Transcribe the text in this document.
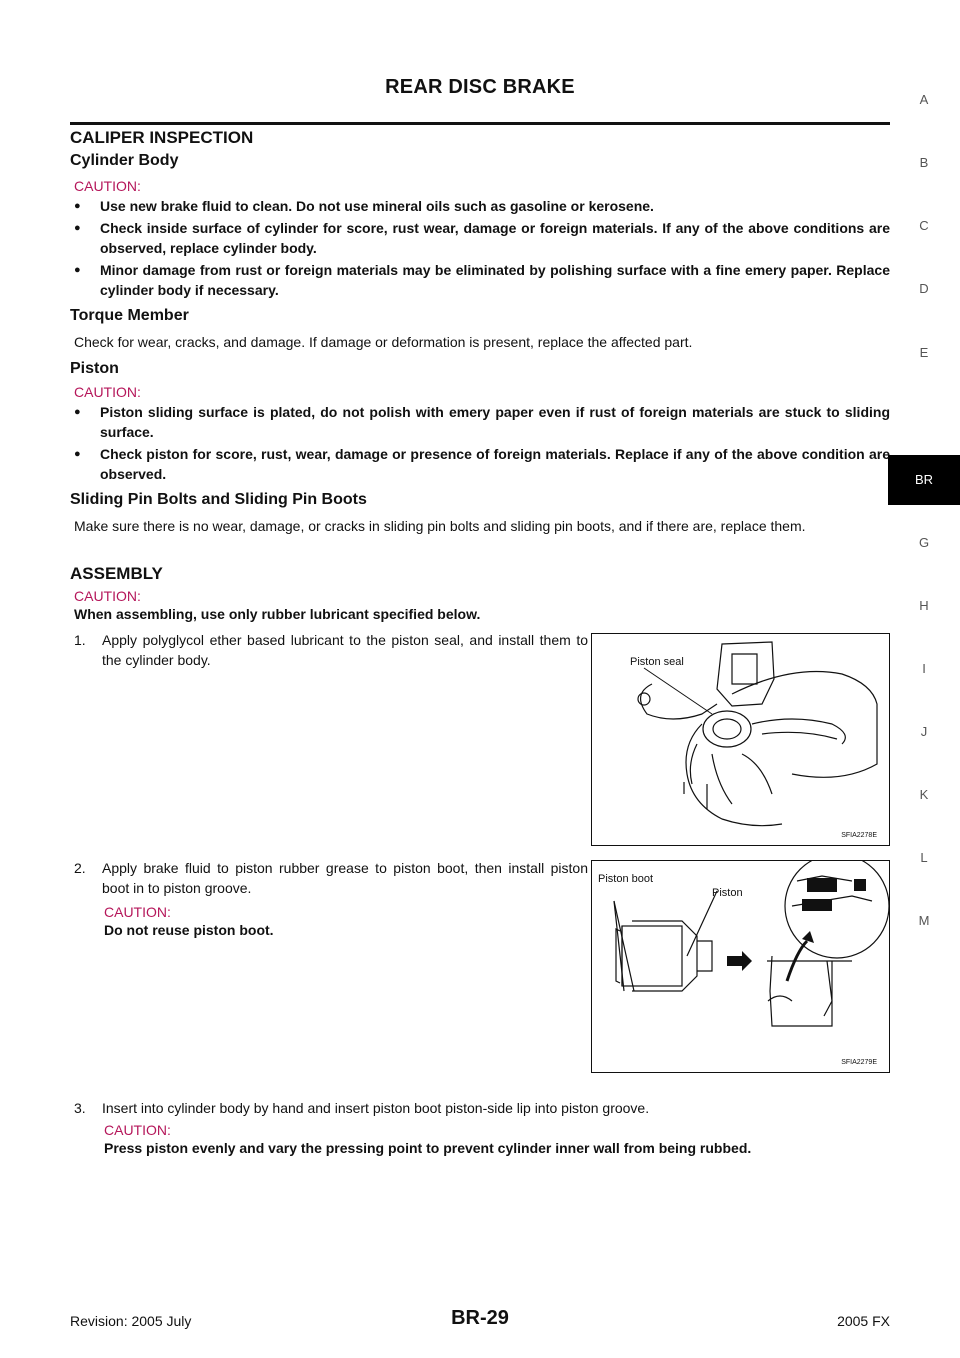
REAR DISC BRAKE
A
B
C
D
E
BR
G
H
I
J
K
L
M
CALIPER INSPECTION
Cylinder Body
CAUTION:
● Use new brake fluid to clean. Do not use mineral oils such as gasoline or kerosene.
● Check inside surface of cylinder for score, rust wear, damage or foreign materials. If any of the above conditions are observed, replace cylinder body.
● Minor damage from rust or foreign materials may be eliminated by polishing surface with a fine emery paper. Replace cylinder body if necessary.
Torque Member
Check for wear, cracks, and damage. If damage or deformation is present, replace the affected part.
Piston
CAUTION:
● Piston sliding surface is plated, do not polish with emery paper even if rust of foreign materials are stuck to sliding surface.
● Check piston for score, rust, wear, damage or presence of foreign materials. Replace if any of the above condition are observed.
Sliding Pin Bolts and Sliding Pin Boots
Make sure there is no wear, damage, or cracks in sliding pin bolts and sliding pin boots, and if there are, replace them.
ASSEMBLY
CAUTION:
When assembling, use only rubber lubricant specified below.
1. Apply polyglycol ether based lubricant to the piston seal, and install them to the cylinder body.
2. Apply brake fluid to piston rubber grease to piston boot, then install piston boot in to piston groove.
CAUTION:
Do not reuse piston boot.
3. Insert into cylinder body by hand and insert piston boot piston-side lip into piston groove.
CAUTION:
Press piston evenly and vary the pressing point to prevent cylinder inner wall from being rubbed.
Piston seal
SFIA2278E
Piston boot
Piston
SFIA2279E
Revision: 2005 July	BR-29	2005 FX
